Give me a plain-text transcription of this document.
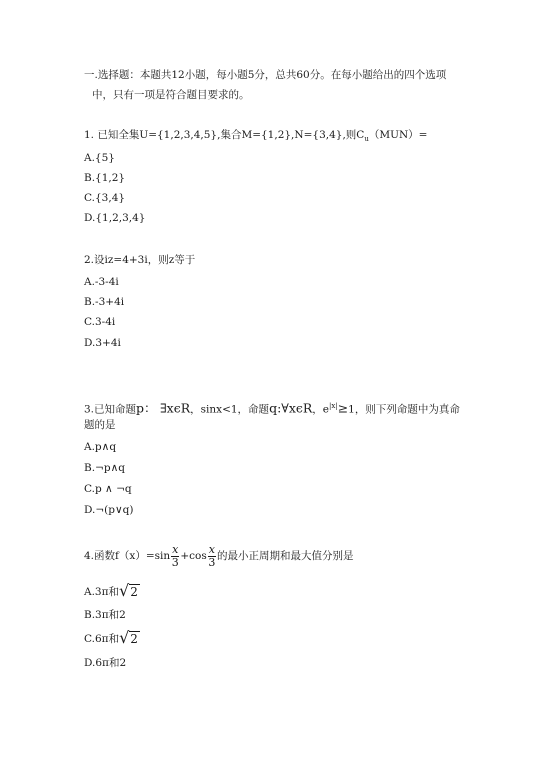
一.选择题：本题共12小题，每小题5分，总共60分。在每小题给出的四个选项
中，只有一项是符合题目要求的。
1. 已知全集U={1,2,3,4,5},集合M={1,2},N={3,4},则$C_u(MUN)=$
A.{5}
B.{1,2}
C.{3,4}
D.{1,2,3,4}
2.设iz=4+3i，则z等于
A.-3-4i
B.-3+4i
C.3-4i
D.3+4i
3.已知命题p： ∃xϵR，sinx<1，命题q:∀xϵR，$e^{|x|}\ge 1$，则下列命题中为真命
题的是
A.p∧q
B.¬p∧q
C.p ∧ ¬q
D.¬(p∨q)
4.函数$f(x)=\sin \frac{x}{3} +\cos \frac{x}{3}$ 的最小正周期和最大值分别是
A.3π和√2
B.3π和2
C.6π和√2
D.6π和2
